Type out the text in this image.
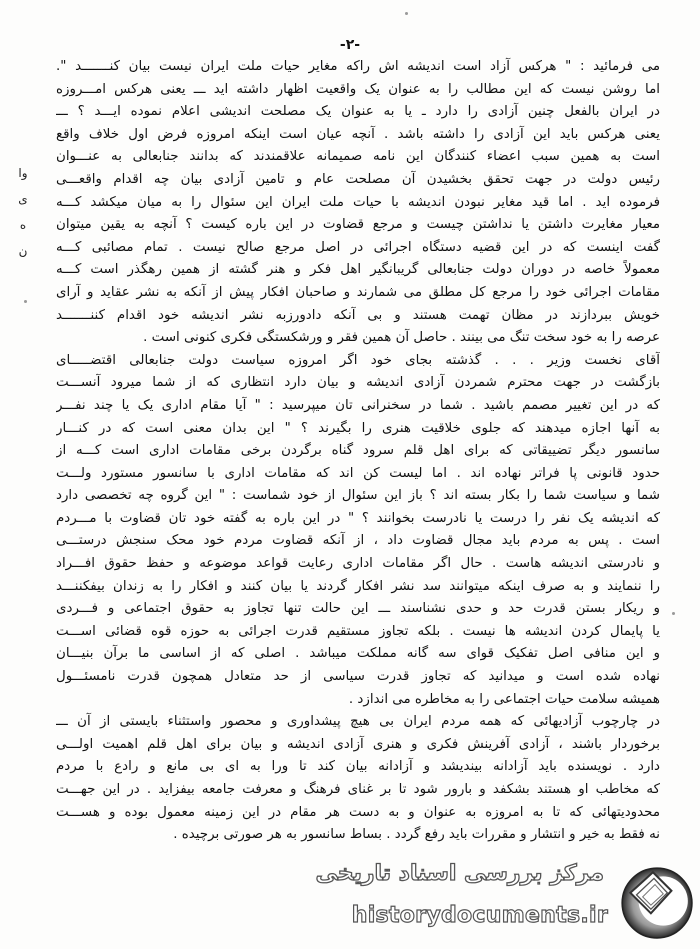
-۲-
می فرمائید : " هرکس آزاد است اندیشه اش راکه مغایر حیات ملت ایران نیست بیان کنـــــــد ".
اما روشن نیست که این مطالب را به عنوان یک واقعیت اظهار داشته اید ـــ یعنی هرکس امـــروزه
در ایران بالفعل چنین آزادی را دارد ـ یا به عنوان یک مصلحت اندیشی اعلام نموده ایـــد ؟ ـــ
یعنی هرکس باید این آزادی را داشته باشد . آنچه عیان است اینکه امروزه فرض اول خلاف واقع
است به همین سبب اعضاء کنندگان این نامه صمیمانه علاقمندند که بدانند جنابعالی به عنـــوان
رئیس دولت در جهت تحقق بخشیدن آن مصلحت عام و تامین آزادی بیان چه اقدام واقعـــی
فرموده اید . اما قید مغایر نبودن اندیشه با حیات ملت ایران این سئوال را به میان میکشد کـــه
معیار مغایرت داشتن یا نداشتن چیست و مرجع قضاوت در این باره کیست ؟ آنچه به یقین میتوان
گفت اینست که در این قضیه دستگاه اجرائی در اصل مرجع صالح نیست . تمام مصائبی کـــه
معمولاً خاصه در دوران دولت جنابعالی گریبانگیر اهل فکر و هنر گشته از همین رهگذر است کـــه
مقامات اجرائی خود را مرجع کل مطلق می شمارند و صاحبان افکار پیش از آنکه به نشر عقاید و آرای
خویش ببردازند در مظان تهمت هستند و بی آنکه دادورزبه نشر اندیشه خود اقدام کننـــــــد
عرصه را به خود سخت تنگ می بینند . حاصل آن همین فقر و ورشکستگی فکری کنونی است .
آقای نخست وزیر . . . گذشته بجای خود اگر امروزه سیاست دولت جنابعالی اقتضـــــای
بازگشت در جهت محترم شمردن آزادی اندیشه و بیان دارد انتظاری که از شما میرود آنســـت
که در این تغییر مصمم باشید . شما در سخنرانی تان میپرسید : " آیا مقام اداری یک یا چند نفـــر
به آنها اجازه میدهند که جلوی خلاقیت هنری را بگیرند ؟ " این بدان معنی است که در کنـــار
سانسور دیگر تضییقاتی که برای اهل قلم سرود گناه برگردن برخی مقامات اداری است کـــه از
حدود قانونی پا فراتر نهاده اند . اما لیست کن اند که مقامات اداری با سانسور مستورد ولـــت
شما و سیاست شما را بکار بسته اند ؟ باز این سئوال از خود شماست : " این گروه چه تخصصی دارد
که اندیشه یک نفر را درست یا نادرست بخوانند ؟ " در این باره به گفته خود تان قضاوت با مـــردم
است . پس به مردم باید مجال قضاوت داد ، از آنکه قضاوت مردم خود محک سنجش درستـــی
و نادرستی اندیشه هاست . حال اگر مقامات اداری رعایت قواعد موضوعه و حفظ حقوق افـــراد
را ننمایند و به صرف اینکه میتوانند سد نشر افکار گردند یا بیان کنند و افکار را به زندان بیفکننـــد
و ریکار بستن قدرت حد و حدی نشناسند ـــ این حالت تنها تجاوز به حقوق اجتماعی و فـــردی
یا پایمال کردن اندیشه ها نیست . بلکه تجاوز مستقیم قدرت اجرائی به حوزه قوه قضائی اســـت
و این منافی اصل تفکیک قوای سه گانه مملکت میباشد . اصلی که از اساسی ما برآن بنیـــان
نهاده شده است و میدانید که تجاوز قدرت سیاسی از حد متعادل همچون قدرت نامسئـــول
همیشه سلامت حیات اجتماعی را به مخاطره می اندازد .
در چارچوب آزادیهائی که همه مردم ایران بی هیچ پیشداوری و محصور واستثناء بایستی از آن ـــ
برخوردار باشند ، آزادی آفرینش فکری و هنری آزادی اندیشه و بیان برای اهل قلم اهمیت اولـــی
دارد . نویسنده باید آزادانه بیندیشد و آزادانه بیان کند تا ورا به ای بی مانع و رادع با مردم
که مخاطب او هستند بشکفد و بارور شود تا بر غنای فرهنگ و معرفت جامعه بیفزاید . در این جهـــت
محدودیتهائی که تا به امروزه به عنوان و به دست هر مقام در این زمینه معمول بوده و هســـت
نه فقط به خیر و انتشار و مقررات باید رفع گردد . بساط سانسور به هر صورتی برچیده .
وا
ی
ه
ن
مرکز بررسی اسناد تاریخی
historydocuments.ir
